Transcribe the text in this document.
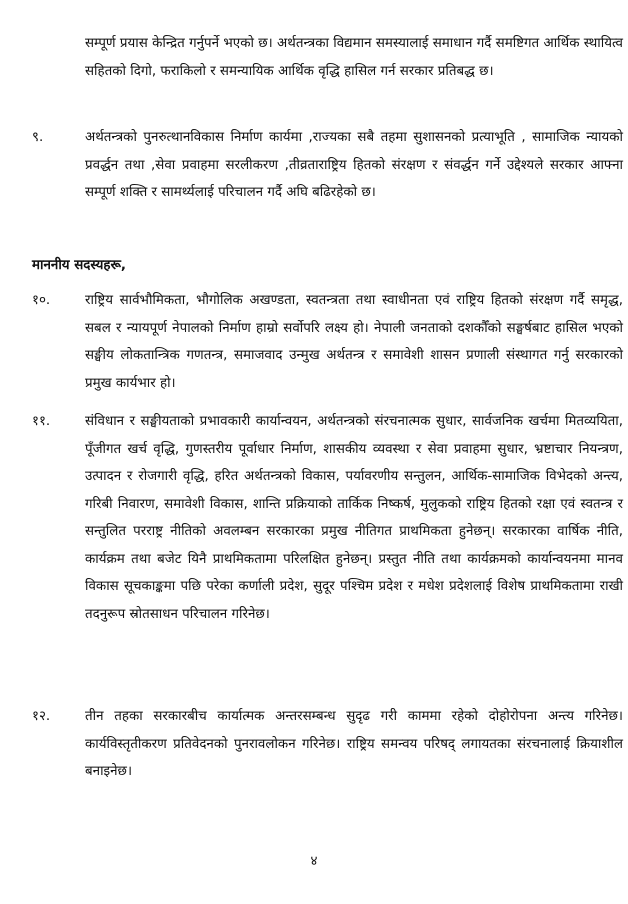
सम्पूर्ण प्रयास केन्द्रित गर्नुपर्ने भएको छ। अर्थतन्त्रका विद्यमान समस्यालाई समाधान गर्दै समष्टिगत आर्थिक स्थायित्व सहितको दिगो, फराकिलो र समन्यायिक आर्थिक वृद्धि हासिल गर्न सरकार प्रतिबद्ध छ।

९.	अर्थतन्त्रको पुनरुत्थानविकास निर्माण कार्यमा ,राज्यका सबै तहमा सुशासनको प्रत्याभूति , सामाजिक न्यायको प्रवर्द्धन तथा ,सेवा प्रवाहमा सरलीकरण ,तीव्रताराष्ट्रिय हितको संरक्षण र संवर्द्धन गर्ने उद्देश्यले सरकार आफ्ना सम्पूर्ण शक्ति र सामर्थ्यलाई परिचालन गर्दै अघि बढिरहेको छ।

माननीय सदस्यहरू,

१०.	राष्ट्रिय सार्वभौमिकता, भौगोलिक अखण्डता, स्वतन्त्रता तथा स्वाधीनता एवं राष्ट्रिय हितको संरक्षण गर्दै समृद्ध, सबल र न्यायपूर्ण नेपालको निर्माण हाम्रो सर्वोपरि लक्ष्य हो। नेपाली जनताको दशकौँको सङ्घर्षबाट हासिल भएको सङ्घीय लोकतान्त्रिक गणतन्त्र, समाजवाद उन्मुख अर्थतन्त्र र समावेशी शासन प्रणाली संस्थागत गर्नु सरकारको प्रमुख कार्यभार हो।

११.	संविधान र सङ्घीयताको प्रभावकारी कार्यान्वयन, अर्थतन्त्रको संरचनात्मक सुधार, सार्वजनिक खर्चमा मितव्ययिता, पूँजीगत खर्च वृद्धि, गुणस्तरीय पूर्वाधार निर्माण, शासकीय व्यवस्था र सेवा प्रवाहमा सुधार, भ्रष्टाचार नियन्त्रण, उत्पादन र रोजगारी वृद्धि, हरित अर्थतन्त्रको विकास, पर्यावरणीय सन्तुलन, आर्थिक-सामाजिक विभेदको अन्त्य, गरिबी निवारण, समावेशी विकास, शान्ति प्रक्रियाको तार्किक निष्कर्ष, मुलुकको राष्ट्रिय हितको रक्षा एवं स्वतन्त्र र सन्तुलित परराष्ट्र नीतिको अवलम्बन सरकारका प्रमुख नीतिगत प्राथमिकता हुनेछन्। सरकारका वार्षिक नीति, कार्यक्रम तथा बजेट यिनै प्राथमिकतामा परिलक्षित हुनेछन्। प्रस्तुत नीति तथा कार्यक्रमको कार्यान्वयनमा मानव विकास सूचकाङ्कमा पछि परेका कर्णाली प्रदेश, सुदूर पश्चिम प्रदेश र मधेश प्रदेशलाई विशेष प्राथमिकतामा राखी तदनुरूप स्रोतसाधन परिचालन गरिनेछ।

१२.	तीन तहका सरकारबीच कार्यात्मक अन्तरसम्बन्ध सुदृढ गरी काममा रहेको दोहोरोपना अन्त्य गरिनेछ। कार्यविस्तृतीकरण प्रतिवेदनको पुनरावलोकन गरिनेछ। राष्ट्रिय समन्वय परिषद् लगायतका संरचनालाई क्रियाशील बनाइनेछ।

४
